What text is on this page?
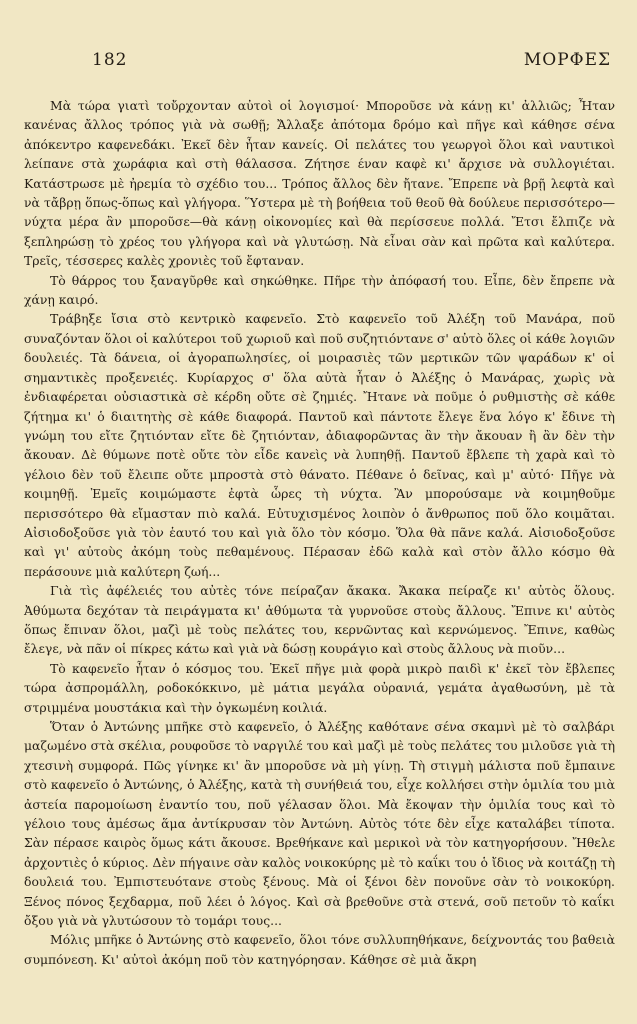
182	ΜΟΡΦΕΣ

Μὰ τώρα γιατὶ τοὔρχονταν αὐτοὶ οἱ λογισμοί· Μποροῦσε νὰ κάνῃ κι' ἀλλιῶς; Ἦταν κανένας ἄλλος τρόπος γιὰ νὰ σωθῇ; Ἄλλαξε ἀπότομα δρόμο καὶ πῆγε καὶ κάθησε σένα ἀπόκεντρο καφενεδάκι. Ἐκεῖ δὲν ἦταν κανείς. Οἱ πελάτες του γεωργοὶ ὅλοι καὶ ναυτικοὶ λείπανε στὰ χωράφια καὶ στὴ θάλασσα. Ζήτησε έναν καφὲ κι' ἄρχισε νὰ συλλογιέται. Κατάστρωσε μὲ ἠρεμία τὸ σχέδιο του... Τρόπος ἄλλος δὲν ἤτανε. Ἔπρεπε νὰ βρῇ λεφτὰ καὶ νὰ τἄβρῃ ὅπως-ὅπως καὶ γλήγορα. Ὕστερα μὲ τὴ βοήθεια τοῦ θεοῦ θὰ δούλευε περισσότερο—νύχτα μέρα ἂν μποροῦσε—θὰ κάνῃ οἰκονομίες καὶ θὰ περίσσευε πολλά. Ἔτσι ἔλπιζε νὰ ξεπληρώσῃ τὸ χρέος του γλήγορα καὶ νὰ γλυτώσῃ. Νὰ εἶναι σὰν καὶ πρῶτα καὶ καλύτερα. Τρεῖς, τέσσερες καλὲς χρονιὲς τοῦ ἔφταναν.

Τὸ θάρρος του ξαναγῦρθε καὶ σηκώθηκε. Πῆρε τὴν ἀπόφασή του. Εἶπε, δὲν ἔπρεπε νὰ χάνῃ καιρό.

Τράβηξε ἴσια στὸ κεντρικὸ καφενεῖο. Στὸ καφενεῖο τοῦ Ἀλέξη τοῦ Μανάρα, ποῦ συναζόνταν ὅλοι οἱ καλύτεροι τοῦ χωριοῦ καὶ ποῦ συζητιόντανε σ' αὐτὸ ὅλες οἱ κάθε λογιῶν δουλειές. Τὰ δάνεια, οἱ ἀγοραπωλησίες, οἱ μοιρασιὲς τῶν μερτικῶν τῶν ψαράδων κ' οἱ σημαντικὲς προξενειές. Κυρίαρχος σ' ὅλα αὐτὰ ἦταν ὁ Ἀλέξης ὁ Μανάρας, χωρὶς νὰ ἐνδιαφέρεται οὐσιαστικὰ σὲ κέρδη οὔτε σὲ ζημιές. Ἤτανε νὰ ποῦμε ὁ ρυθμιστὴς σὲ κάθε ζήτημα κι' ὁ διαιτητὴς σὲ κάθε διαφορά. Παντοῦ καὶ πάντοτε ἔλεγε ἕνα λόγο κ' ἔδινε τὴ γνώμη του εἴτε ζητιόνταν εἴτε δὲ ζητιόνταν, ἀδιαφορῶντας ἂν τὴν ἄκουαν ἢ ἂν δὲν τὴν ἄκουαν. Δὲ θύμωνε ποτὲ οὔτε τὸν εἶδε κανεὶς νὰ λυπηθῇ. Παντοῦ ἔβλεπε τὴ χαρὰ καὶ τὸ γέλοιο δὲν τοῦ ἔλειπε οὔτε μπροστὰ στὸ θάνατο. Πέθανε ὁ δεῖνας, καὶ μ' αὐτό· Πῆγε νὰ κοιμηθῇ. Ἐμεῖς κοιμώμαστε ἐφτὰ ὧρες τὴ νύχτα. Ἂν μπορούσαμε νὰ κοιμηθοῦμε περισσότερο θὰ εἴμασταν πιὸ καλά. Εὐτυχισμένος λοιπὸν ὁ ἄνθρωπος ποῦ ὅλο κοιμᾶται. Αἰσιοδοξοῦσε γιὰ τὸν ἑαυτό του καὶ γιὰ ὅλο τὸν κόσμο. Ὅλα θὰ πᾶνε καλά. Αἰσιοδοξοῦσε καὶ γι' αὐτοὺς ἀκόμη τοὺς πεθαμένους. Πέρασαν ἐδῶ καλὰ καὶ στὸν ἄλλο κόσμο θὰ περάσουνε μιὰ καλύτερη ζωή...

Γιὰ τὶς ἀφέλειές του αὐτὲς τόνε πείραζαν ἄκακα. Ἄκακα πείραζε κι' αὐτὸς ὅλους. Ἀθύμωτα δεχόταν τὰ πειράγματα κι' ἀθύμωτα τὰ γυρνοῦσε στοὺς ἄλλους. Ἔπινε κι' αὐτὸς ὅπως ἔπιναν ὅλοι, μαζὶ μὲ τοὺς πελάτες του, κερνῶντας καὶ κερνώμενος. Ἔπινε, καθὼς ἔλεγε, νὰ πᾶν οἱ πίκρες κάτω καὶ γιὰ νὰ δώσῃ κουράγιο καὶ στοὺς ἄλλους νὰ πιοῦν...

Τὸ καφενεῖο ἦταν ὁ κόσμος του. Ἐκεῖ πῆγε μιὰ φορὰ μικρὸ παιδὶ κ' ἐκεῖ τὸν ἔβλεπες τώρα ἀσπρομάλλη, ροδοκόκκινο, μὲ μάτια μεγάλα οὐρανιά, γεμάτα ἀγαθωσύνη, μὲ τὰ στριμμένα μουστάκια καὶ τὴν ὀγκωμένη κοιλιά.

Ὅταν ὁ Ἀντώνης μπῆκε στὸ καφενεῖο, ὁ Ἀλέξης καθότανε σένα σκαμνὶ μὲ τὸ σαλβάρι μαζωμένο στὰ σκέλια, ρουφοῦσε τὸ ναργιλέ του καὶ μαζὶ μὲ τοὺς πελάτες του μιλοῦσε γιὰ τὴ χτεσινὴ συμφορά. Πῶς γίνηκε κι' ἂν μποροῦσε νὰ μὴ γίνῃ. Τὴ στιγμὴ μάλιστα ποῦ ἔμπαινε στὸ καφενεῖο ὁ Ἀντώνης, ὁ Ἀλέξης, κατὰ τὴ συνήθειά του, εἶχε κολλήσει στὴν ὁμιλία του μιὰ ἀστεία παρομοίωση ἐναντίο του, ποῦ γέλασαν ὅλοι. Μὰ ἔκοψαν τὴν ὁμιλία τους καὶ τὸ γέλοιο τους ἀμέσως ἅμα ἀντίκρυσαν τὸν Ἀντώνη. Αὐτὸς τότε δὲν εἶχε καταλάβει τίποτα. Σὰν πέρασε καιρὸς ὅμως κάτι ἄκουσε. Βρεθήκανε καὶ μερικοὶ νὰ τὸν κατηγορήσουν. Ἤθελε ἀρχοντιὲς ὁ κύριος. Δὲν πήγαινε σὰν καλὸς νοικοκύρης μὲ τὸ καΐκι του ὁ ἴδιος νὰ κοιτάζῃ τὴ δουλειά του. Ἐμπιστευότανε στοὺς ξένους. Μὰ οἱ ξένοι δὲν πονοῦνε σὰν τὸ νοικοκύρη. Ξένος πόνος ξεχδαρμα, ποῦ λέει ὁ λόγος. Καὶ σὰ βρεθοῦνε στὰ στενά, σοῦ πετοῦν τὸ καΐκι ὄξου γιὰ νὰ γλυτώσουν τὸ τομάρι τους...

Μόλις μπῆκε ὁ Ἀντώνης στὸ καφενεῖο, ὅλοι τόνε συλλυπηθήκανε, δείχνοντάς του βαθειὰ συμπόνεση. Κι' αὐτοὶ ἀκόμη ποῦ τὸν κατηγόρησαν. Κάθησε σὲ μιὰ ἄκρη
